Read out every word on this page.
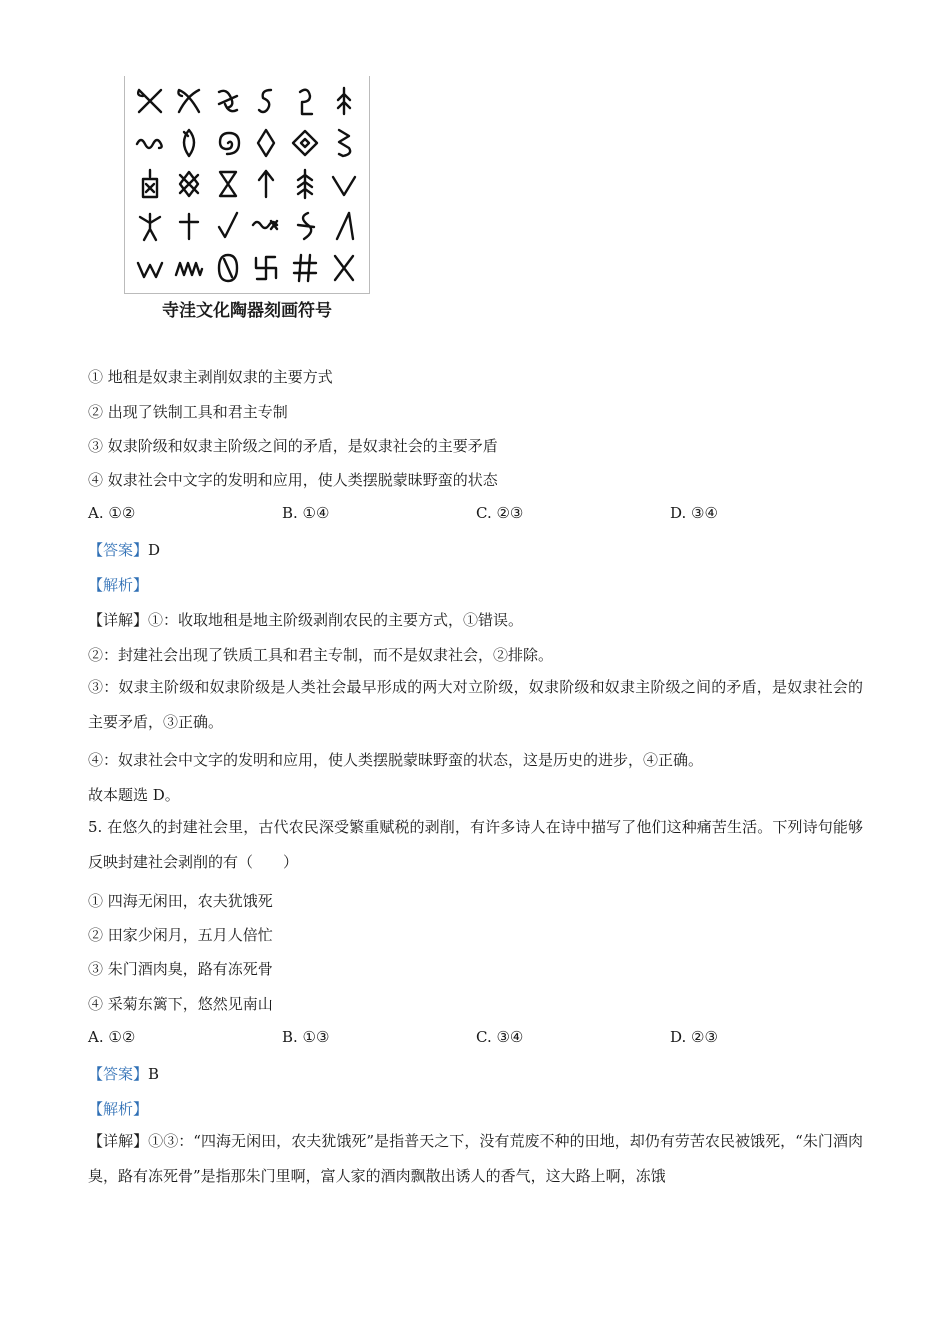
寺洼文化陶器刻画符号
① 地租是奴隶主剥削奴隶的主要方式
② 出现了铁制工具和君主专制
③ 奴隶阶级和奴隶主阶级之间的矛盾，是奴隶社会的主要矛盾
④ 奴隶社会中文字的发明和应用，使人类摆脱蒙昧野蛮的状态
A. ①②	B. ①④	C. ②③	D. ③④
【答案】D
【解析】
【详解】①：收取地租是地主阶级剥削农民的主要方式，①错误。
②：封建社会出现了铁质工具和君主专制，而不是奴隶社会，②排除。
③：奴隶主阶级和奴隶阶级是人类社会最早形成的两大对立阶级，奴隶阶级和奴隶主阶级之间的矛盾，是奴隶社会的主要矛盾，③正确。
④：奴隶社会中文字的发明和应用，使人类摆脱蒙昧野蛮的状态，这是历史的进步，④正确。
故本题选 D。
5. 在悠久的封建社会里，古代农民深受繁重赋税的剥削，有许多诗人在诗中描写了他们这种痛苦生活。下列诗句能够反映封建社会剥削的有（　　）
① 四海无闲田，农夫犹饿死
② 田家少闲月，五月人倍忙
③ 朱门酒肉臭，路有冻死骨
④ 采菊东篱下，悠然见南山
A. ①②	B. ①③	C. ③④	D. ②③
【答案】B
【解析】
【详解】①③：“四海无闲田，农夫犹饿死”是指普天之下，没有荒废不种的田地，却仍有劳苦农民被饿死，“朱门酒肉臭，路有冻死骨”是指那朱门里啊，富人家的酒肉飘散出诱人的香气，这大路上啊，冻饿
